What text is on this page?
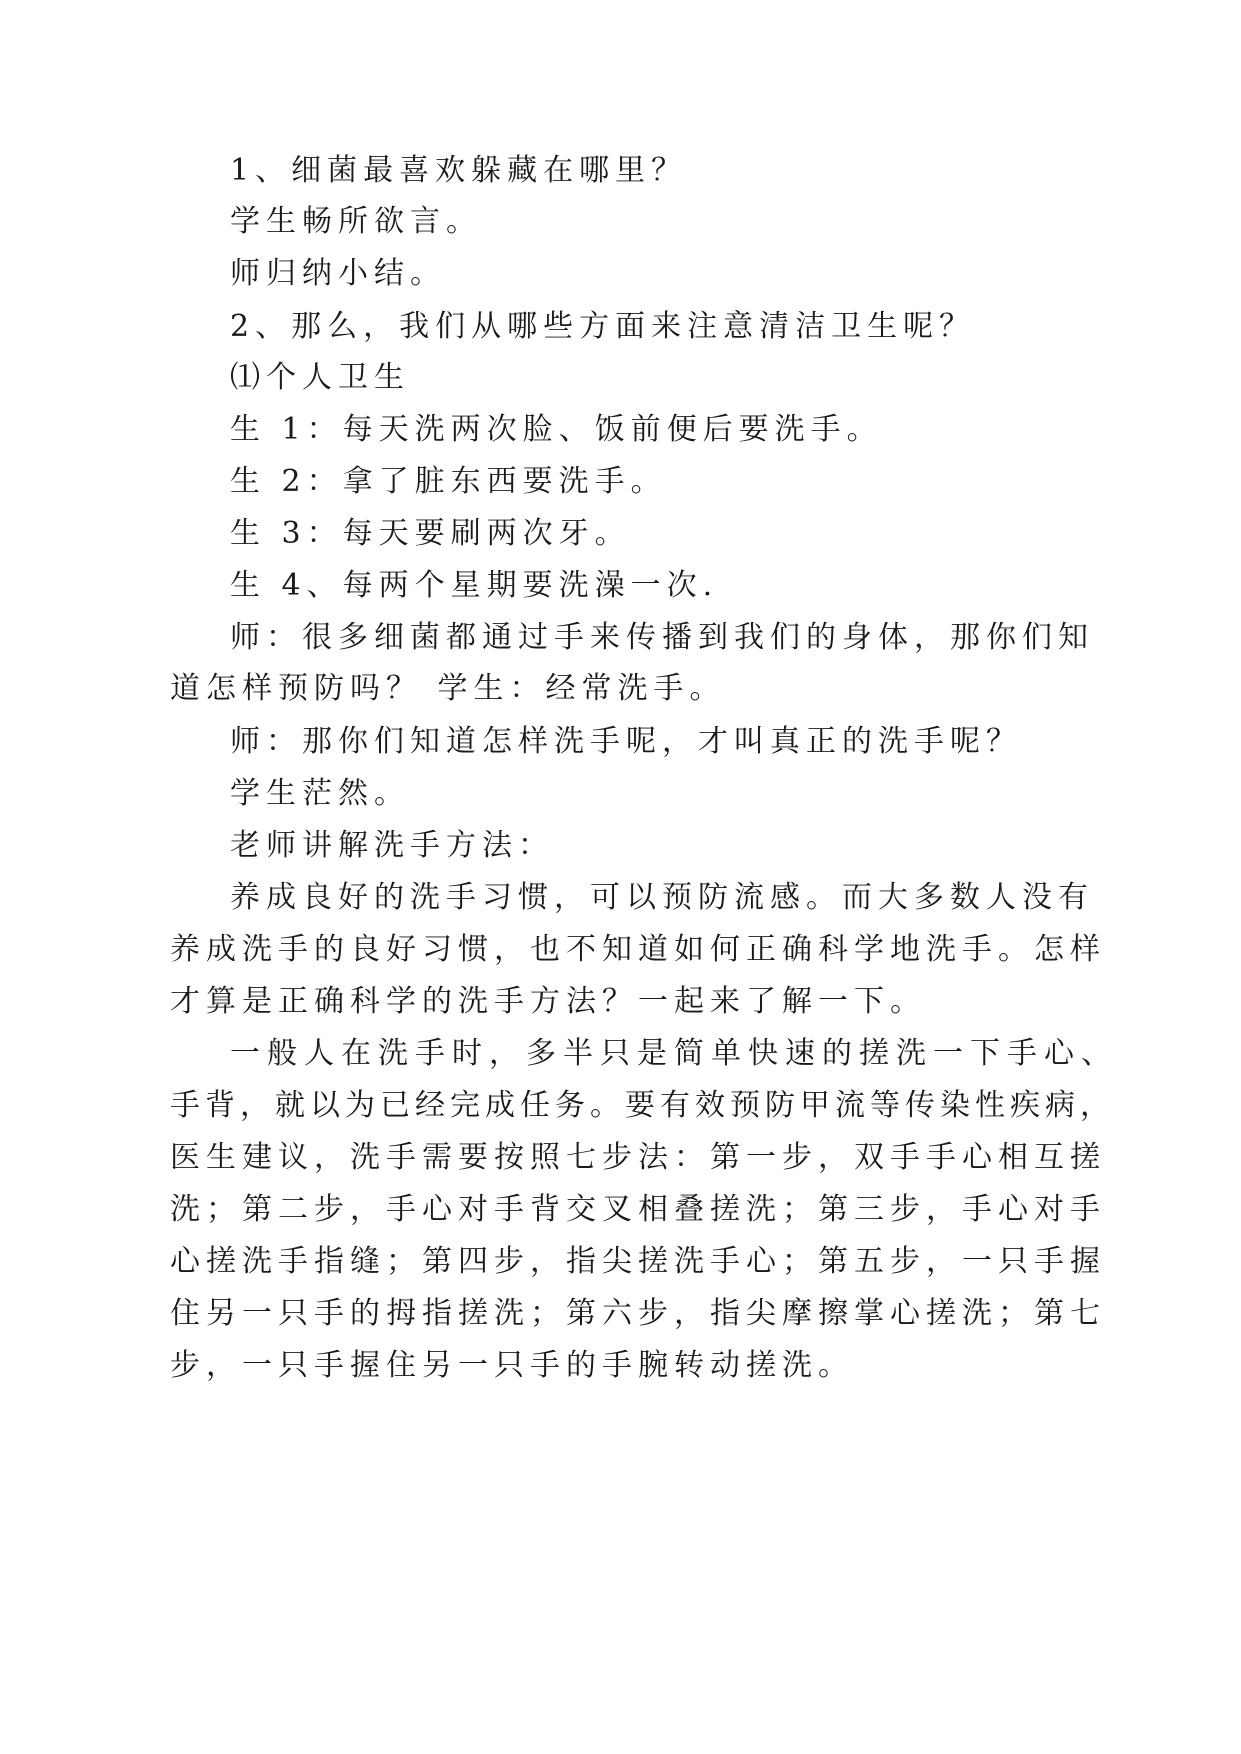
1、细菌最喜欢躲藏在哪里？
学生畅所欲言。
师归纳小结。
2、那么，我们从哪些方面来注意清洁卫生呢？
⑴个人卫生
生 1：每天洗两次脸、饭前便后要洗手。
生 2：拿了脏东西要洗手。
生 3：每天要刷两次牙。
生 4、每两个星期要洗澡一次.
师：很多细菌都通过手来传播到我们的身体，那你们知
道怎样预防吗？ 学生：经常洗手。
师：那你们知道怎样洗手呢，才叫真正的洗手呢？
学生茫然。
老师讲解洗手方法：
养成良好的洗手习惯，可以预防流感。而大多数人没有
养成洗手的良好习惯，也不知道如何正确科学地洗手。怎样
才算是正确科学的洗手方法？一起来了解一下。
一般人在洗手时，多半只是简单快速的搓洗一下手心、
手背，就以为已经完成任务。要有效预防甲流等传染性疾病，
医生建议，洗手需要按照七步法：第一步，双手手心相互搓
洗；第二步，手心对手背交叉相叠搓洗；第三步，手心对手
心搓洗手指缝；第四步，指尖搓洗手心；第五步，一只手握
住另一只手的拇指搓洗；第六步，指尖摩擦掌心搓洗；第七
步，一只手握住另一只手的手腕转动搓洗。
